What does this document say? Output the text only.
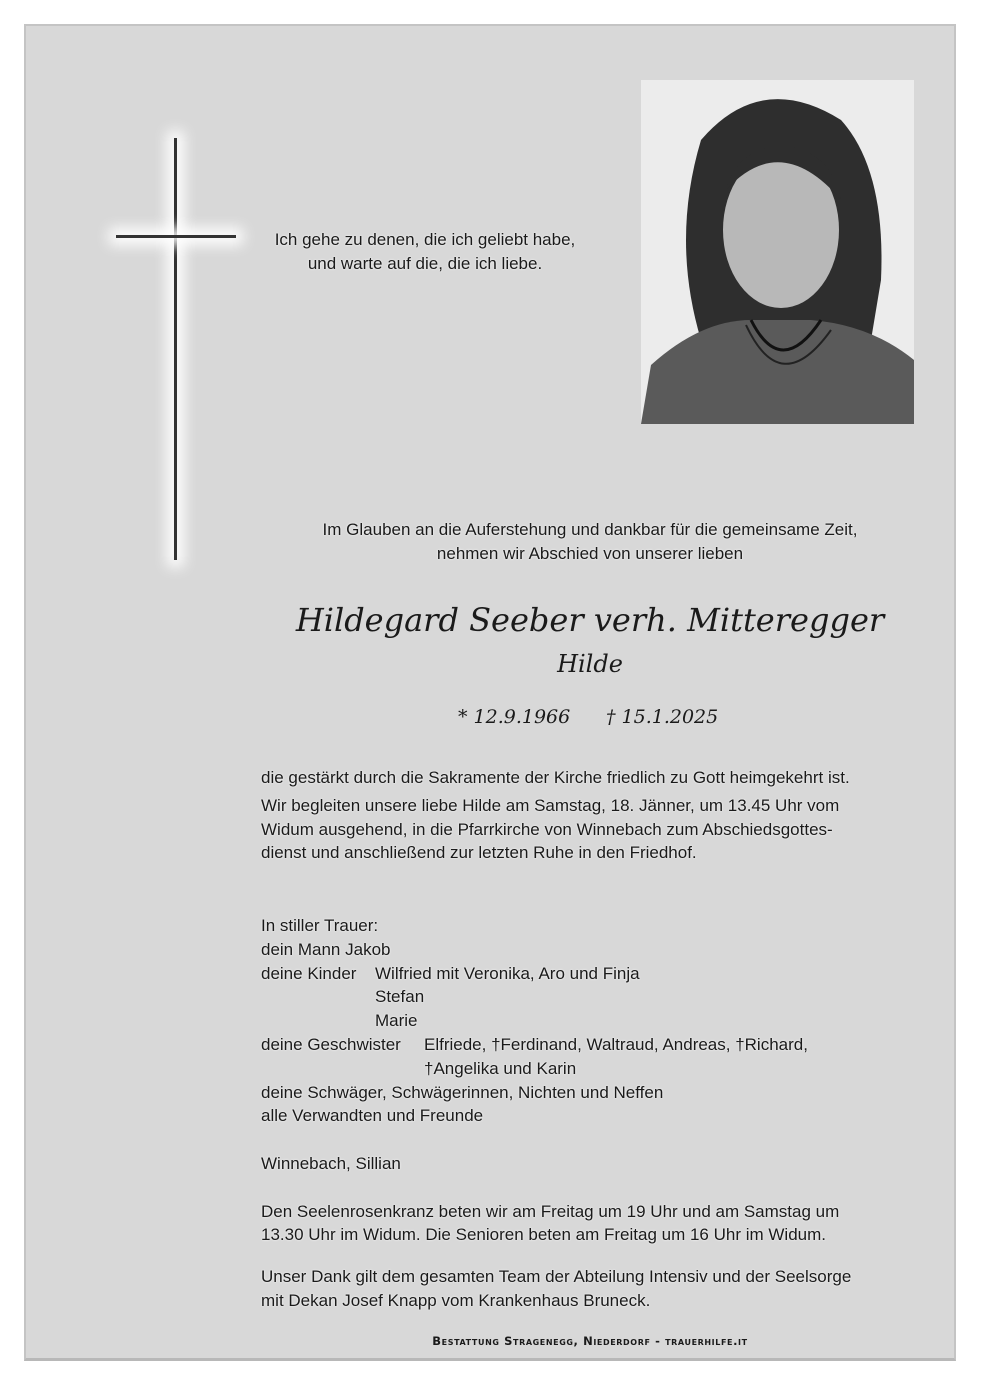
Ich gehe zu denen, die ich geliebt habe,
und warte auf die, die ich liebe.
Im Glauben an die Auferstehung und dankbar für die gemeinsame Zeit,
nehmen wir Abschied von unserer lieben
Hildegard Seeber verh. Mitteregger
Hilde
* 12.9.1966 † 15.1.2025
die gestärkt durch die Sakramente der Kirche friedlich zu Gott heimgekehrt ist.
Wir begleiten unsere liebe Hilde am Samstag, 18. Jänner, um 13.45 Uhr vom
Widum ausgehend, in die Pfarrkirche von Winnebach zum Abschiedsgottes-
dienst und anschließend zur letzten Ruhe in den Friedhof.
In stiller Trauer:
dein Mann Jakob
deine Kinder	Wilfried mit Veronika, Aro und Finja
Stefan
Marie
deine Geschwister	Elfriede, †Ferdinand, Waltraud, Andreas, †Richard,
†Angelika und Karin
deine Schwäger, Schwägerinnen, Nichten und Neffen
alle Verwandten und Freunde
Winnebach, Sillian
Den Seelenrosenkranz beten wir am Freitag um 19 Uhr und am Samstag um
13.30 Uhr im Widum. Die Senioren beten am Freitag um 16 Uhr im Widum.
Unser Dank gilt dem gesamten Team der Abteilung Intensiv und der Seelsorge
mit Dekan Josef Knapp vom Krankenhaus Bruneck.
Bestattung Stragenegg, Niederdorf - trauerhilfe.it
